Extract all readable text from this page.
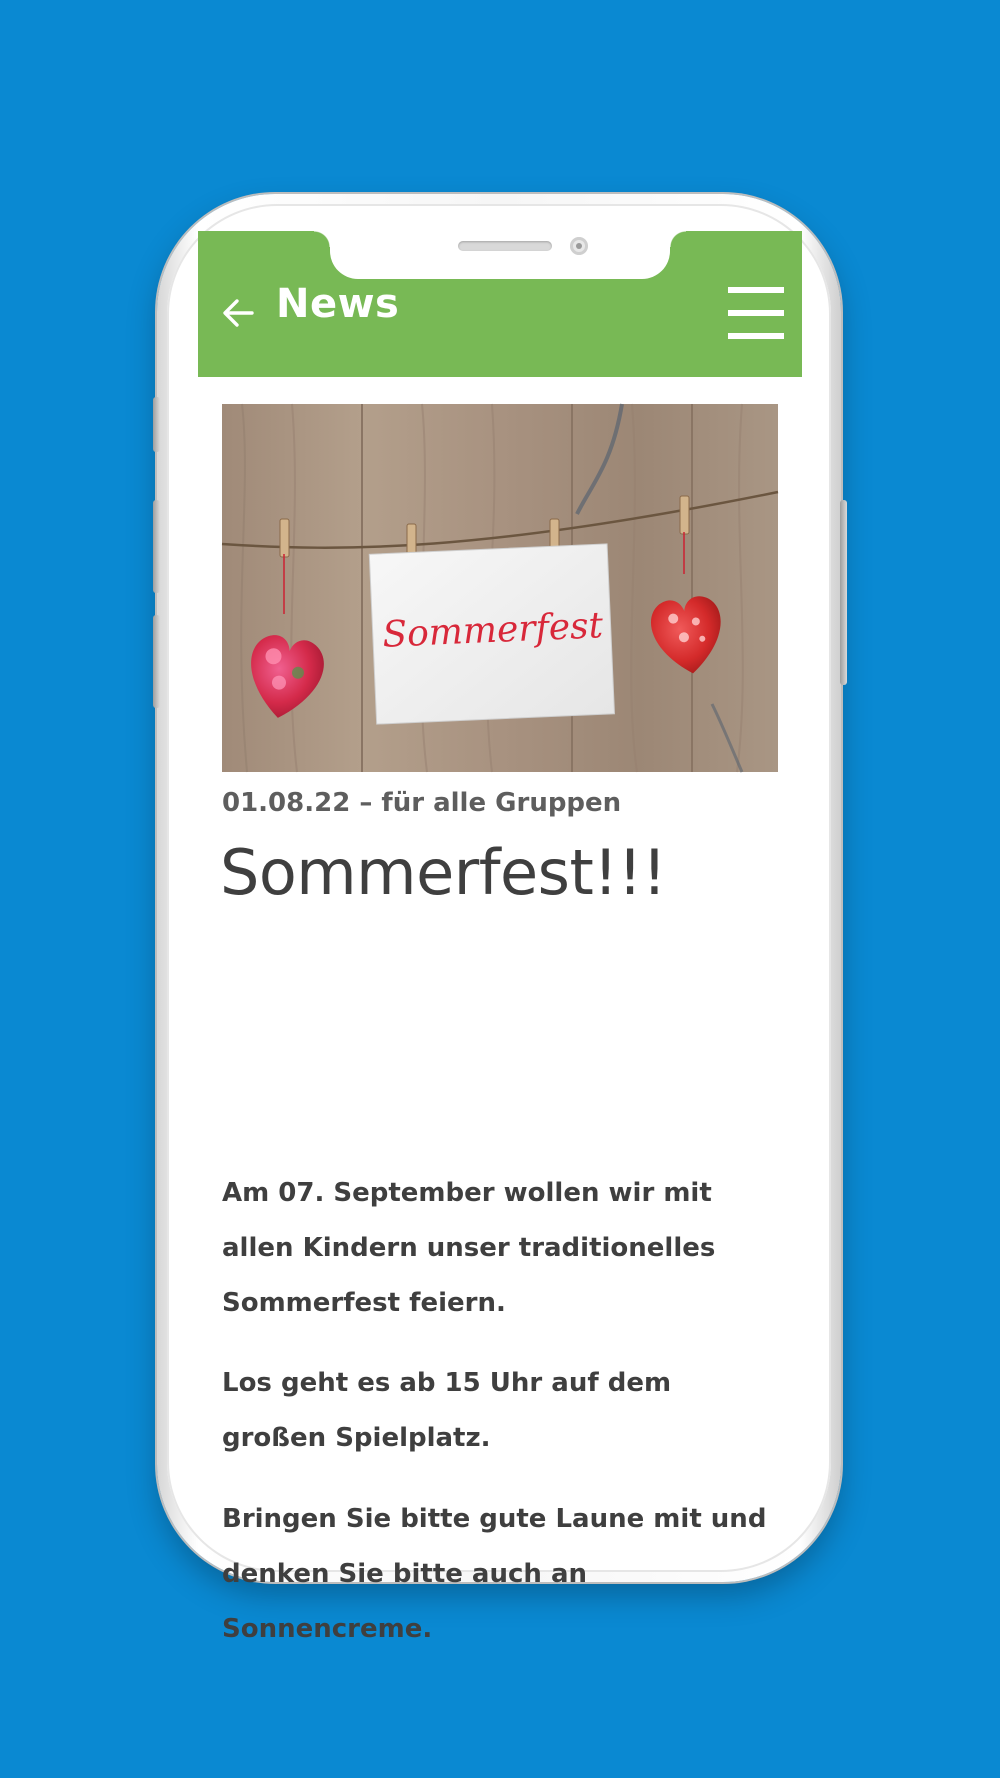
News
Sommerfest
01.08.22 – für alle Gruppen
Sommerfest!!!

Am 07. September wollen wir mit allen Kindern unser traditionelles Sommerfest feiern.

Los geht es ab 15 Uhr auf dem großen Spielplatz.

Bringen Sie bitte gute Laune mit und denken Sie bitte auch an Sonnencreme.
